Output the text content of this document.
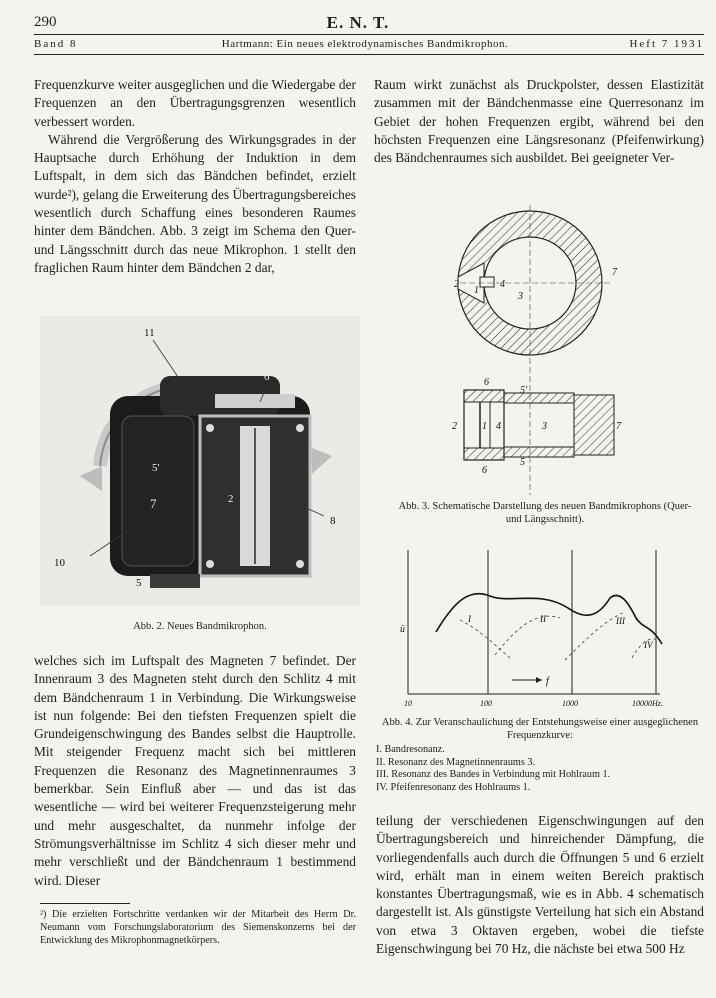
290	E. N. T.
Band 8	Hartmann: Ein neues elektrodynamisches Bandmikrophon.	Heft 7 1931

Frequenzkurve weiter ausgeglichen und die Wiedergabe der Frequenzen an den Übertragungsgrenzen wesentlich verbessert worden.

Während die Vergrößerung des Wirkungsgrades in der Hauptsache durch Erhöhung der Induktion in dem Luftspalt, in dem sich das Bändchen befindet, erzielt wurde²), gelang die Erweiterung des Übertragungsbereiches wesentlich durch Schaffung eines besonderen Raumes hinter dem Bändchen. Abb. 3 zeigt im Schema den Quer- und Längsschnitt durch das neue Mikrophon. 1 stellt den fraglichen Raum hinter dem Bändchen 2 dar,

Raum wirkt zunächst als Druckpolster, dessen Elastizität zusammen mit der Bändchenmasse eine Querresonanz im Gebiet der hohen Frequenzen ergibt, während bei den höchsten Frequenzen eine Längsresonanz (Pfeifenwirkung) des Bändchenraumes sich ausbildet. Bei geeigneter Ver-

11
6
5'
7	2
8
10
5
Abb. 2. Neues Bandmikrophon.
2
1
4
3
7
6
5'
2	1 4	3	7
6
5
Abb. 3. Schematische Darstellung des neuen Bandmikrophons (Quer- und Längsschnitt).
ü
I	II	III
IV
f
10	100	1000	10000Hz.
Abb. 4. Zur Veranschaulichung der Entstehungsweise einer ausgeglichenen Frequenzkurve:
I. Bandresonanz.
II. Resonanz des Magnetinnenraums 3.
III. Resonanz des Bandes in Verbindung mit Hohlraum 1.
IV. Pfeifenresonanz des Hohlraums 1.

welches sich im Luftspalt des Magneten 7 befindet. Der Innenraum 3 des Magneten steht durch den Schlitz 4 mit dem Bändchenraum 1 in Verbindung. Die Wirkungsweise ist nun folgende: Bei den tiefsten Frequenzen spielt die Grundeigenschwingung des Bandes selbst die Hauptrolle. Mit steigender Frequenz macht sich bei mittleren Frequenzen die Resonanz des Magnetinnenraumes 3 bemerkbar. Sein Einfluß aber — und das ist das wesentliche — wird bei weiterer Frequenzsteigerung mehr und mehr ausgeschaltet, da nunmehr infolge der Strömungsverhältnisse im Schlitz 4 sich dieser mehr und mehr verschließt und der Bändchenraum 1 bestimmend wird. Dieser

²) Die erzielten Fortschritte verdanken wir der Mitarbeit des Herrn Dr. Neumann vom Forschungslaboratorium des Siemenskonzerns bei der Entwicklung des Mikrophonmagnetkörpers.

teilung der verschiedenen Eigenschwingungen auf den Übertragungsbereich und hinreichender Dämpfung, die vorliegendenfalls auch durch die Öffnungen 5 und 6 erzielt wird, erhält man in einem weiten Bereich praktisch konstantes Übertragungsmaß, wie es in Abb. 4 schematisch dargestellt ist. Als günstigste Verteilung hat sich ein Abstand von etwa 3 Oktaven ergeben, wobei die tiefste Eigenschwingung bei 70 Hz, die nächste bei etwa 500 Hz
